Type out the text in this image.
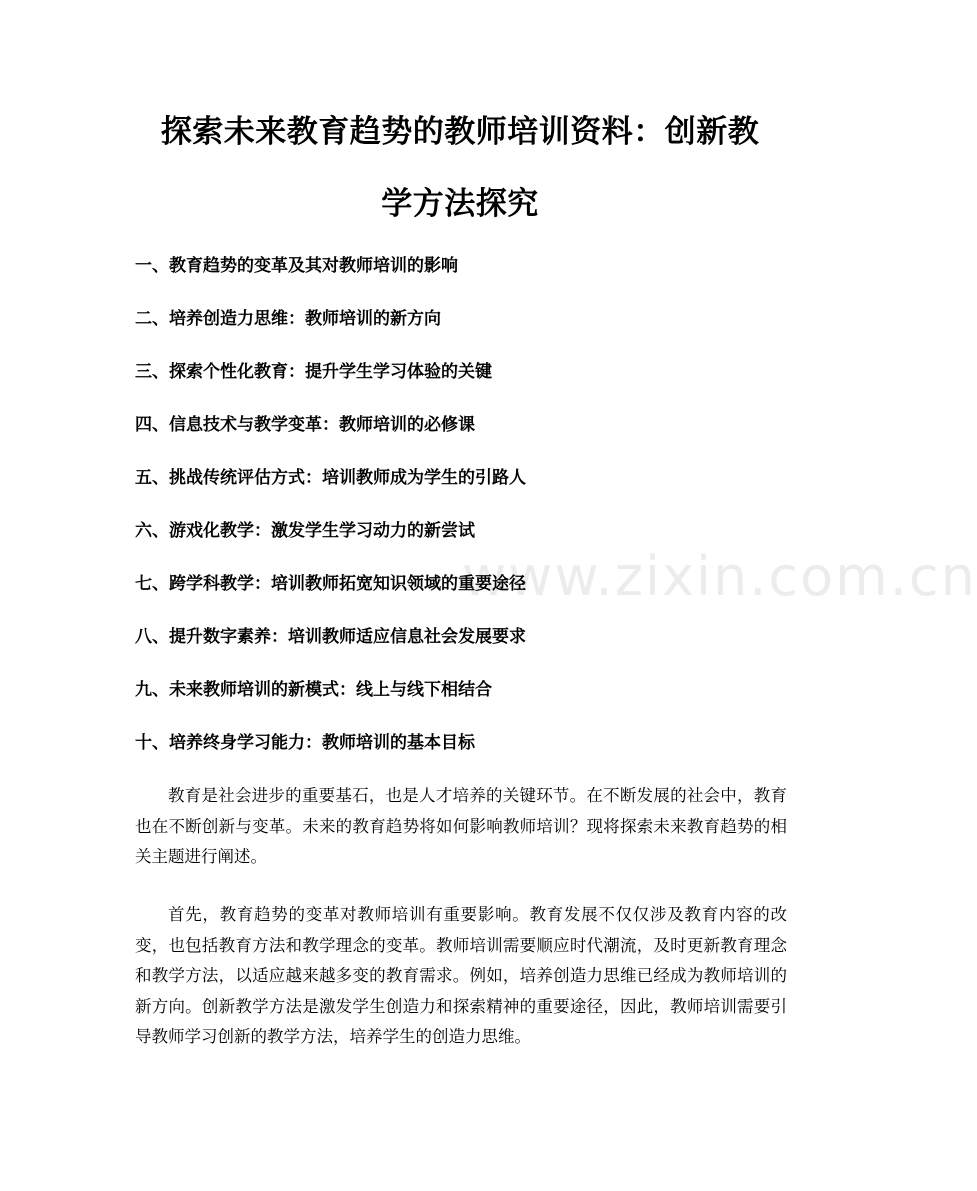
探索未来教育趋势的教师培训资料：创新教
学方法探究
一、教育趋势的变革及其对教师培训的影响
二、培养创造力思维：教师培训的新方向
三、探索个性化教育：提升学生学习体验的关键
四、信息技术与教学变革：教师培训的必修课
五、挑战传统评估方式：培训教师成为学生的引路人
六、游戏化教学：激发学生学习动力的新尝试
七、跨学科教学：培训教师拓宽知识领域的重要途径
八、提升数字素养：培训教师适应信息社会发展要求
九、未来教师培训的新模式：线上与线下相结合
十、培养终身学习能力：教师培训的基本目标

教育是社会进步的重要基石，也是人才培养的关键环节。在不断发展的社会中，教育也在不断创新与变革。未来的教育趋势将如何影响教师培训？现将探索未来教育趋势的相关主题进行阐述。

首先，教育趋势的变革对教师培训有重要影响。教育发展不仅仅涉及教育内容的改变，也包括教育方法和教学理念的变革。教师培训需要顺应时代潮流，及时更新教育理念和教学方法，以适应越来越多变的教育需求。例如，培养创造力思维已经成为教师培训的新方向。创新教学方法是激发学生创造力和探索精神的重要途径，因此，教师培训需要引导教师学习创新的教学方法，培养学生的创造力思维。

www.zixin.com.cn
